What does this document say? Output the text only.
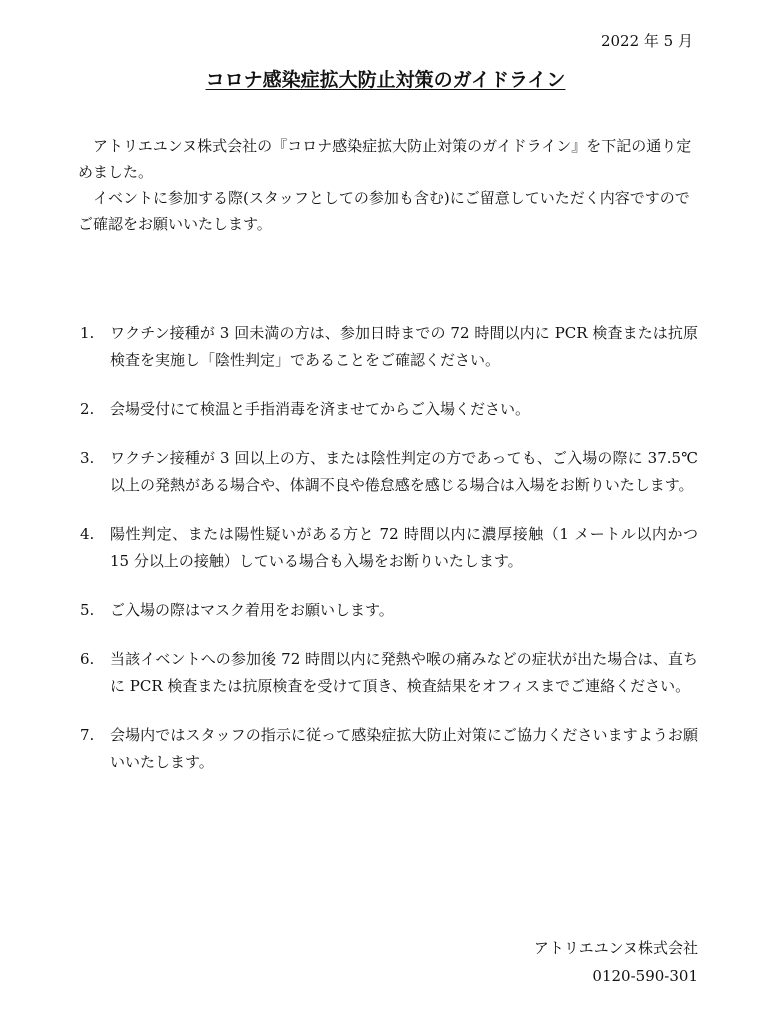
2022 年 5 月
コロナ感染症拡大防止対策のガイドライン

アトリエユンヌ株式会社の『コロナ感染症拡大防止対策のガイドライン』を下記の通り定めました。

イベントに参加する際(スタッフとしての参加も含む)にご留意していただく内容ですのでご確認をお願いいたします。

1.	ワクチン接種が 3 回未満の方は、参加日時までの 72 時間以内に PCR 検査または抗原検査を実施し「陰性判定」であることをご確認ください。
2.	会場受付にて検温と手指消毒を済ませてからご入場ください。
3.	ワクチン接種が 3 回以上の方、または陰性判定の方であっても、ご入場の際に 37.5℃以上の発熱がある場合や、体調不良や倦怠感を感じる場合は入場をお断りいたします。
4.	陽性判定、または陽性疑いがある方と 72 時間以内に濃厚接触（1 メートル以内かつ 15 分以上の接触）している場合も入場をお断りいたします。
5.	ご入場の際はマスク着用をお願いします。
6.	当該イベントへの参加後 72 時間以内に発熱や喉の痛みなどの症状が出た場合は、直ちに PCR 検査または抗原検査を受けて頂き、検査結果をオフィスまでご連絡ください。
7.	会場内ではスタッフの指示に従って感染症拡大防止対策にご協力くださいますようお願いいたします。
アトリエユンヌ株式会社
0120-590-301
